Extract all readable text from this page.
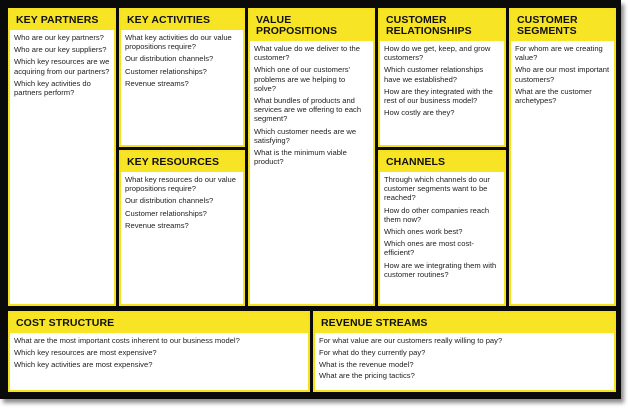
KEY PARTNERS
Who are our key partners?
Who are our key suppliers?
Which key resources are we acquiring from our partners?
Which key activities do partners perform?
KEY ACTIVITIES
What key activities do our value propositions require?
Our distribution channels?
Customer relationships?
Revenue streams?
KEY RESOURCES
What key resources do our value propositions require?
Our distribution channels?
Customer relationships?
Revenue streams?
VALUE PROPOSITIONS
What value do we deliver to the customer?
Which one of our customers' problems are we helping to solve?
What bundles of products and services are we offering to each segment?
Which customer needs are we satisfying?
What is the minimum viable product?
CUSTOMER RELATIONSHIPS
How do we get, keep, and grow customers?
Which customer relationships have we established?
How are they integrated with the rest of our business model?
How costly are they?
CHANNELS
Through which channels do our customer segments want to be reached?
How do other companies reach them now?
Which ones work best?
Which ones are most cost-efficient?
How are we integrating them with customer routines?
CUSTOMER SEGMENTS
For whom are we creating value?
Who are our most important customers?
What are the customer archetypes?
COST STRUCTURE
What are the most important costs inherent to our business model?
Which key resources are most expensive?
Which key activities are most expensive?
REVENUE STREAMS
For what value are our customers really willing to pay?
For what do they currently pay?
What is the revenue model?
What are the pricing tactics?
